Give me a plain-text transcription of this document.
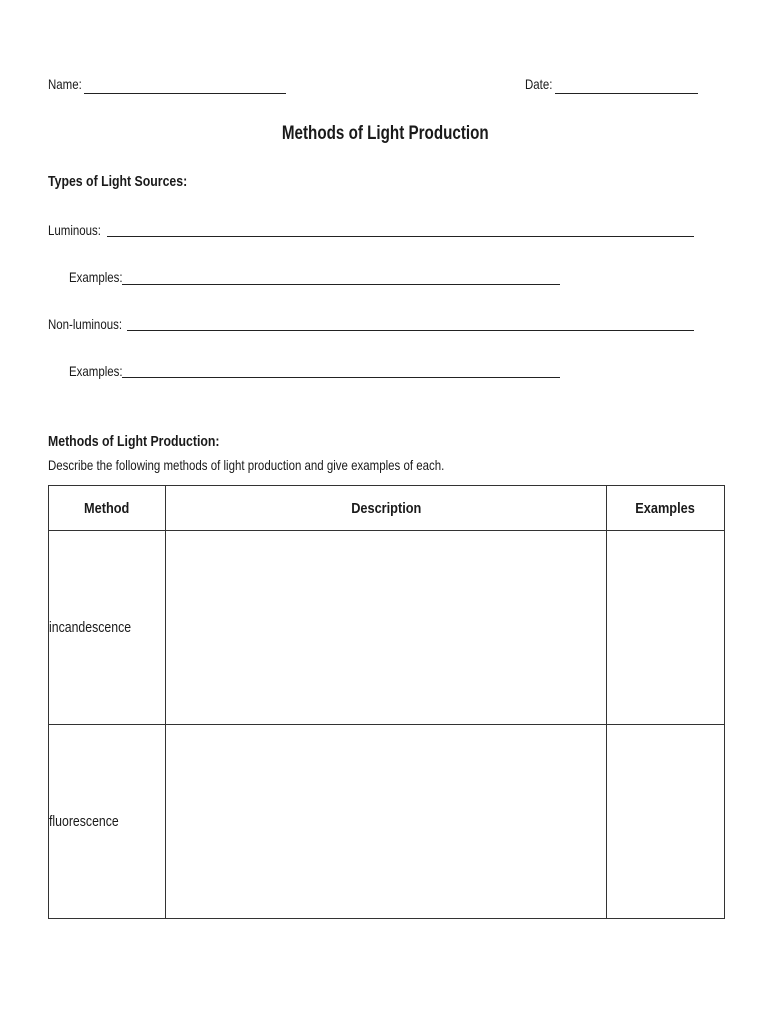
Name:	Date:
Methods of Light Production
Types of Light Sources:
Luminous:
Examples:
Non-luminous:
Examples:
Methods of Light Production:
Describe the following methods of light production and give examples of each.
Method	Description	Examples
incandescence		
fluorescence		
